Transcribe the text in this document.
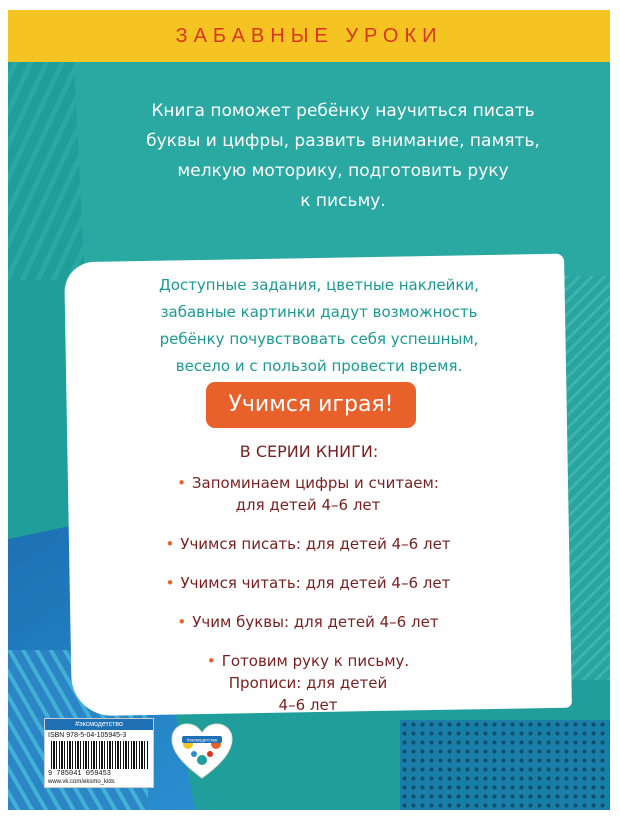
ЗАБАВНЫЕ УРОКИ
Книга поможет ребёнку научиться писать
буквы и цифры, развить внимание, память,
мелкую моторику, подготовить руку
к письму.
Доступные задания, цветные наклейки,
забавные картинки дадут возможность
ребёнку почувствовать себя успешным,
весело и с пользой провести время.
Учимся играя!
В СЕРИИ КНИГИ:
• Запоминаем цифры и считаем:
для детей 4–6 лет
• Учимся писать: для детей 4–6 лет
• Учимся читать: для детей 4–6 лет
• Учим буквы: для детей 4–6 лет
• Готовим руку к письму.
Прописи: для детей
4–6 лет
#эксмодетство
ISBN 978-5-04-105945-3
9 785041 059453
www.vk.com/eksmo_kids
#эксмодетство
